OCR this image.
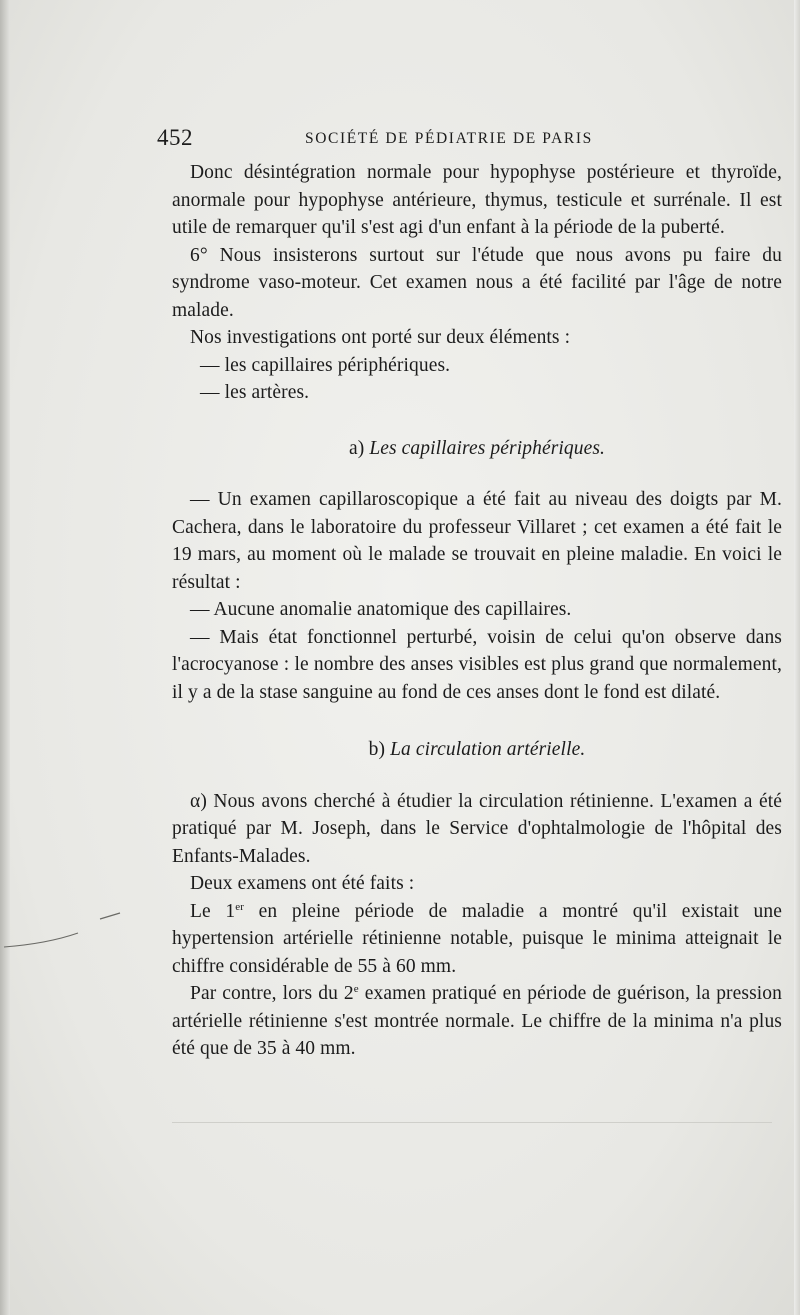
452	SOCIÉTÉ DE PÉDIATRIE DE PARIS

Donc désintégration normale pour hypophyse postérieure et thyroïde, anormale pour hypophyse antérieure, thymus, testicule et surrénale. Il est utile de remarquer qu'il s'est agi d'un enfant à la période de la puberté.

6° Nous insisterons surtout sur l'étude que nous avons pu faire du syndrome vaso-moteur. Cet examen nous a été facilité par l'âge de notre malade.

Nos investigations ont porté sur deux éléments :

— les capillaires périphériques.

— les artères.

a) Les capillaires périphériques.

— Un examen capillaroscopique a été fait au niveau des doigts par M. Cachera, dans le laboratoire du professeur Villaret ; cet examen a été fait le 19 mars, au moment où le malade se trouvait en pleine maladie. En voici le résultat :

— Aucune anomalie anatomique des capillaires.

— Mais état fonctionnel perturbé, voisin de celui qu'on observe dans l'acrocyanose : le nombre des anses visibles est plus grand que normalement, il y a de la stase sanguine au fond de ces anses dont le fond est dilaté.

b) La circulation artérielle.

α) Nous avons cherché à étudier la circulation rétinienne. L'examen a été pratiqué par M. Joseph, dans le Service d'ophtalmologie de l'hôpital des Enfants-Malades.

Deux examens ont été faits :

Le 1er en pleine période de maladie a montré qu'il existait une hypertension artérielle rétinienne notable, puisque le minima atteignait le chiffre considérable de 55 à 60 mm.

Par contre, lors du 2e examen pratiqué en période de guérison, la pression artérielle rétinienne s'est montrée normale. Le chiffre de la minima n'a plus été que de 35 à 40 mm.
